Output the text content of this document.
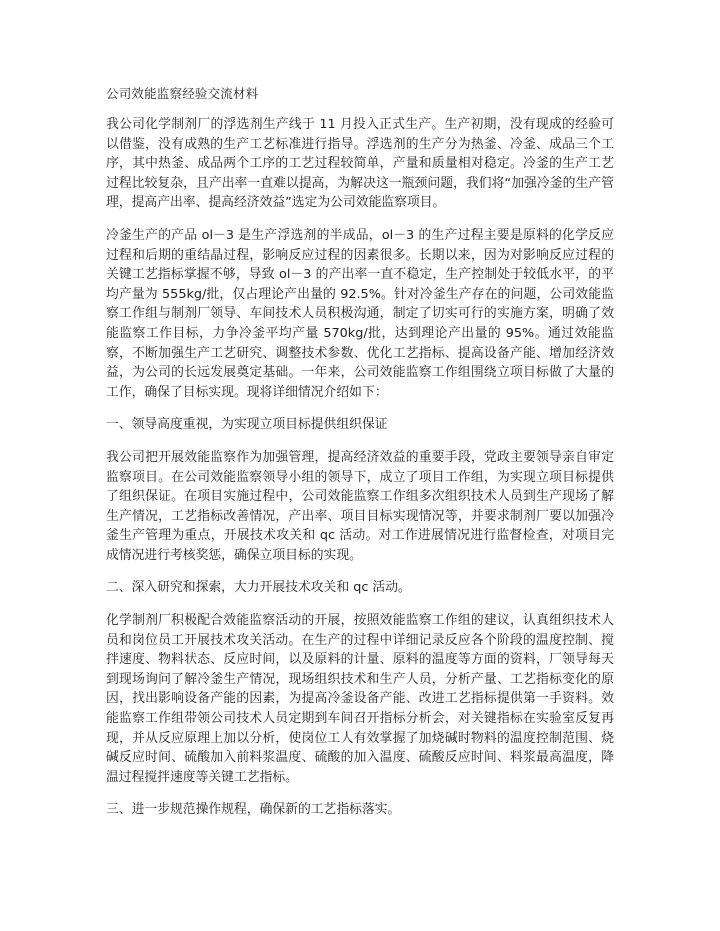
公司效能监察经验交流材料

我公司化学制剂厂的浮选剂生产线于 11 月投入正式生产。生产初期，没有现成的经验可以借鉴，没有成熟的生产工艺标准进行指导。浮选剂的生产分为热釜、冷釜、成品三个工序，其中热釜、成品两个工序的工艺过程较简单，产量和质量相对稳定。冷釜的生产工艺过程比较复杂，且产出率一直难以提高，为解决这一瓶颈问题，我们将“加强冷釜的生产管理，提高产出率、提高经济效益”选定为公司效能监察项目。

冷釜生产的产品 ol－3 是生产浮选剂的半成品，ol－3 的生产过程主要是原料的化学反应过程和后期的重结晶过程，影响反应过程的因素很多。长期以来，因为对影响反应过程的关键工艺指标掌握不够，导致 ol－3 的产出率一直不稳定，生产控制处于较低水平，的平均产量为 555kg/批，仅占理论产出量的 92.5%。针对冷釜生产存在的问题，公司效能监察工作组与制剂厂领导、车间技术人员积极沟通，制定了切实可行的实施方案，明确了效能监察工作目标，力争冷釜平均产量 570kg/批，达到理论产出量的 95%。通过效能监察，不断加强生产工艺研究、调整技术参数、优化工艺指标、提高设备产能、增加经济效益，为公司的长远发展奠定基础。一年来，公司效能监察工作组围绕立项目标做了大量的工作，确保了目标实现。现将详细情况介绍如下：

一、领导高度重视，为实现立项目标提供组织保证

我公司把开展效能监察作为加强管理，提高经济效益的重要手段，党政主要领导亲自审定监察项目。在公司效能监察领导小组的领导下，成立了项目工作组，为实现立项目标提供了组织保证。在项目实施过程中，公司效能监察工作组多次组织技术人员到生产现场了解生产情况，工艺指标改善情况，产出率、项目目标实现情况等，并要求制剂厂要以加强冷釜生产管理为重点，开展技术攻关和 qc 活动。对工作进展情况进行监督检查，对项目完成情况进行考核奖惩，确保立项目标的实现。

二、深入研究和探索，大力开展技术攻关和 qc 活动。

化学制剂厂积极配合效能监察活动的开展，按照效能监察工作组的建议，认真组织技术人员和岗位员工开展技术攻关活动。在生产的过程中详细记录反应各个阶段的温度控制、搅拌速度、物料状态、反应时间，以及原料的计量、原料的温度等方面的资料，厂领导每天到现场询问了解冷釜生产情况，现场组织技术和生产人员，分析产量、工艺指标变化的原因，找出影响设备产能的因素，为提高冷釜设备产能、改进工艺指标提供第一手资料。效能监察工作组带领公司技术人员定期到车间召开指标分析会，对关键指标在实验室反复再现，并从反应原理上加以分析，使岗位工人有效掌握了加烧碱时物料的温度控制范围、烧碱反应时间、硫酸加入前料浆温度、硫酸的加入温度、硫酸反应时间、料浆最高温度，降温过程搅拌速度等关键工艺指标。

三、进一步规范操作规程，确保新的工艺指标落实。
